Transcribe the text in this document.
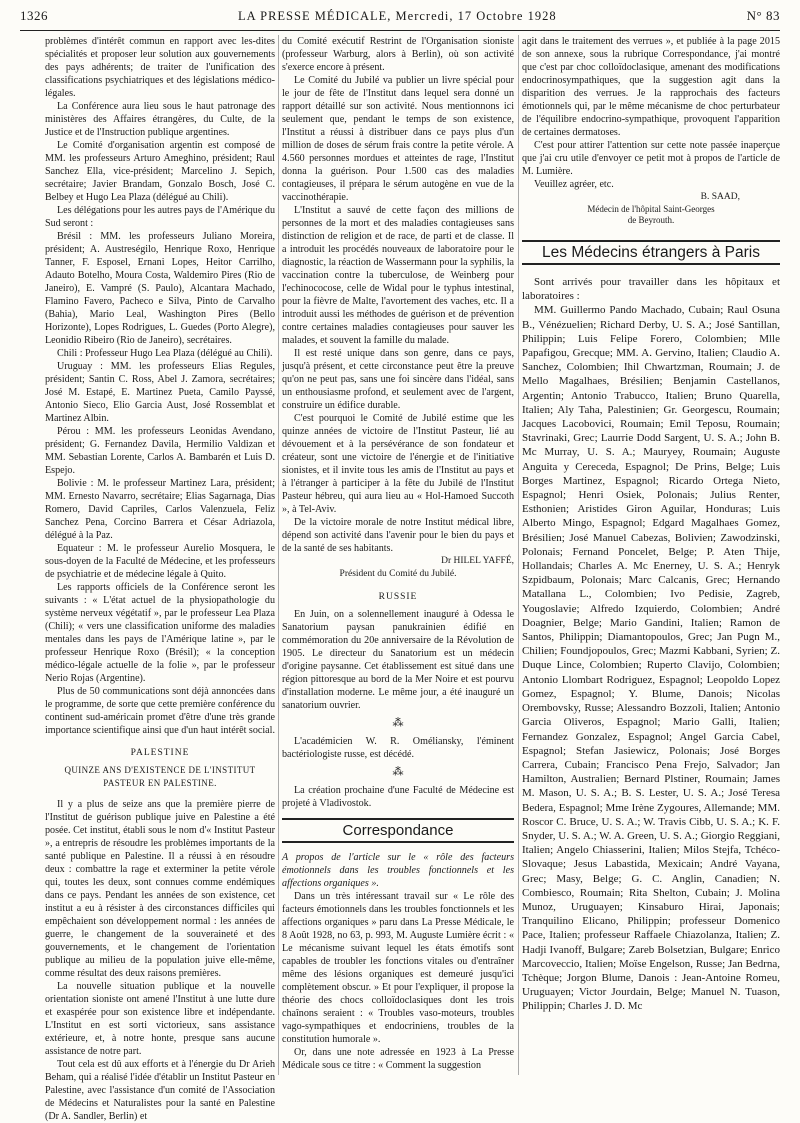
1326	LA PRESSE MÉDICALE, Mercredi, 17 Octobre 1928	N° 83

problèmes d'intérêt commun en rapport avec les-dites spécialités et proposer leur solution aux gouvernements des pays adhérents; de traiter de l'unification des classifications psychiatriques et des législations médico-légales.

La Conférence aura lieu sous le haut patronage des ministères des Affaires étrangères, du Culte, de la Justice et de l'Instruction publique argentines.

Le Comité d'organisation argentin est composé de MM. les professeurs Arturo Ameghino, président; Raul Sanchez Ella, vice-président; Marcelino J. Sepich, secrétaire; Javier Brandam, Gonzalo Bosch, José C. Belbey et Hugo Lea Plaza (délégué au Chili).

Les délégations pour les autres pays de l'Amérique du Sud seront :

Brésil : MM. les professeurs Juliano Moreira, président; A. Austreségilo, Henrique Roxo, Henrique Tanner, F. Esposel, Ernani Lopes, Heitor Carrilho, Adauto Botelho, Moura Costa, Waldemiro Pires (Rio de Janeiro), E. Vampré (S. Paulo), Alcantara Machado, Flamino Favero, Pacheco e Silva, Pinto de Carvalho (Bahia), Mario Leal, Washington Pires (Bello Horizonte), Lopes Rodrigues, L. Guedes (Porto Alegre), Leonidio Ribeiro (Rio de Janeiro), secrétaires.

Chili : Professeur Hugo Lea Plaza (délégué au Chili).

Uruguay : MM. les professeurs Elias Regules, président; Santin C. Ross, Abel J. Zamora, secrétaires; José M. Estapé, E. Martinez Pueta, Camilo Payssé, Antonio Sieco, Elio Garcia Aust, José Rossemblat et Martinez Albin.

Pérou : MM. les professeurs Leonidas Avendano, président; G. Fernandez Davila, Hermilio Valdizan et MM. Sebastian Lorente, Carlos A. Bambarén et Luis D. Espejo.

Bolivie : M. le professeur Martinez Lara, président; MM. Ernesto Navarro, secrétaire; Elias Sagarnaga, Dias Romero, David Capriles, Carlos Valenzuela, Feliz Sanchez Pena, Corcino Barrera et César Adriazola, délégué à la Paz.

Equateur : M. le professeur Aurelio Mosquera, le sous-doyen de la Faculté de Médecine, et les professeurs de psychiatrie et de médecine légale à Quito.

Les rapports officiels de la Conférence seront les suivants : « L'état actuel de la physiopathologie du système nerveux végétatif », par le professeur Lea Plaza (Chili); « vers une classification uniforme des maladies mentales dans les pays de l'Amérique latine », par le professeur Henrique Roxo (Brésil); « la conception médico-légale actuelle de la folie », par le professeur Nerio Rojas (Argentine).

Plus de 50 communications sont déjà annoncées dans le programme, de sorte que cette première conférence du continent sud-américain promet d'être d'une très grande importance scientifique ainsi que d'un haut intérêt social.

PALESTINE
QUINZE ANS D'EXISTENCE DE L'INSTITUT PASTEUR EN PALESTINE.

Il y a plus de seize ans que la première pierre de l'Institut de guérison publique juive en Palestine a été posée. Cet institut, établi sous le nom d'« Institut Pasteur », a entrepris de résoudre les problèmes importants de la santé publique en Palestine. Il a réussi à en résoudre deux : combattre la rage et exterminer la petite vérole qui, toutes les deux, sont connues comme endémiques dans ce pays. Pendant les années de son existence, cet institut a eu à résister à des circonstances difficiles qui empêchaient son développement normal : les années de guerre, le changement de la souveraineté et des gouvernements, et le changement de l'orientation publique au milieu de la population juive elle-même, comme résultat des deux raisons premières.

La nouvelle situation publique et la nouvelle orientation sioniste ont amené l'Institut à une lutte dure et exaspérée pour son existence libre et indépendante. L'Institut en est sorti victorieux, sans assistance extérieure, et, à notre honte, presque sans aucune assistance de notre part.

Tout cela est dû aux efforts et à l'énergie du Dr Arieh Beham, qui a réalisé l'idée d'établir un Institut Pasteur en Palestine, avec l'assistance d'un comité de l'Association de Médecins et Naturalistes pour la santé en Palestine (Dr A. Sandler, Berlin) et

du Comité exécutif Restrint de l'Organisation sioniste (professeur Warburg, alors à Berlin), où son activité s'exerce encore à présent.

Le Comité du Jubilé va publier un livre spécial pour le jour de fête de l'Institut dans lequel sera donné un rapport détaillé sur son activité. Nous mentionnons ici seulement que, pendant le temps de son existence, l'Institut a réussi à distribuer dans ce pays plus d'un million de doses de sérum frais contre la petite vérole. A 4.560 personnes mordues et atteintes de rage, l'Institut donna la guérison. Pour 1.500 cas des maladies contagieuses, il prépara le sérum autogène en vue de la vaccinothérapie.

L'Institut a sauvé de cette façon des millions de personnes de la mort et des maladies contagieuses sans distinction de religion et de race, de parti et de classe. Il a introduit les procédés nouveaux de laboratoire pour le diagnostic, la réaction de Wassermann pour la syphilis, la vaccination contre la tuberculose, de Weinberg pour l'echinococose, celle de Widal pour le typhus intestinal, pour la fièvre de Malte, l'avortement des vaches, etc. Il a introduit aussi les méthodes de guérison et de prévention contre certaines maladies contagieuses pour sauver les malades, et souvent la famille du malade.

Il est resté unique dans son genre, dans ce pays, jusqu'à présent, et cette circonstance peut être la preuve qu'on ne peut pas, sans une foi sincère dans l'idéal, sans un enthousiasme profond, et seulement avec de l'argent, construire un édifice durable.

C'est pourquoi le Comité de Jubilé estime que les quinze années de victoire de l'Institut Pasteur, lié au dévouement et à la persévérance de son fondateur et créateur, sont une victoire de l'énergie et de l'initiative sionistes, et il invite tous les amis de l'Institut au pays et à l'étranger à participer à la fête du Jubilé de l'Institut Pasteur hébreu, qui aura lieu au « Hol-Hamoed Succoth », à Tel-Aviv.

De la victoire morale de notre Institut médical libre, dépend son activité dans l'avenir pour le bien du pays et de la santé de ses habitants.

Dr HILEL YAFFÉ,
Président du Comité du Jubilé.
RUSSIE

En Juin, on a solennellement inauguré à Odessa le Sanatorium paysan panukrainien édifié en commémoration du 20e anniversaire de la Révolution de 1905. Le directeur du Sanatorium est un médecin d'origine paysanne. Cet établissement est situé dans une région pittoresque au bord de la Mer Noire et est pourvu d'installation moderne. Le même jour, a été inauguré un sanatorium ouvrier.

⁂

L'académicien W. R. Oméliansky, l'éminent bactériologiste russe, est décédé.

⁂

La création prochaine d'une Faculté de Médecine est projeté à Vladivostok.

Correspondance

A propos de l'article sur le « rôle des facteurs émotionnels dans les troubles fonctionnels et les affections organiques ».

Dans un très intéressant travail sur « Le rôle des facteurs émotionnels dans les troubles fonctionnels et les affections organiques » paru dans La Presse Médicale, le 8 Août 1928, no 63, p. 993, M. Auguste Lumière écrit : « Le mécanisme suivant lequel les états émotifs sont capables de troubler les fonctions vitales ou d'entraîner même des lésions organiques est demeuré jusqu'ici complètement obscur. » Et pour l'expliquer, il propose la théorie des chocs colloïdoclasiques dont les trois chaînons seraient : « Troubles vaso-moteurs, troubles vago-sympathiques et endocriniens, troubles de la constitution humorale ».

Or, dans une note adressée en 1923 à La Presse Médicale sous ce titre : « Comment la suggestion

agit dans le traitement des verrues », et publiée à la page 2015 de son annexe, sous la rubrique Correspondance, j'ai montré que c'est par choc colloïdoclasique, amenant des modifications endocrinosympathiques, que la suggestion agit dans la disparition des verrues. Je la rapprochais des facteurs émotionnels qui, par le même mécanisme de choc perturbateur de l'équilibre endocrino-sympathique, provoquent l'apparition de certaines dermatoses.

C'est pour attirer l'attention sur cette note passée inaperçue que j'ai cru utile d'envoyer ce petit mot à propos de l'article de M. Lumière.

Veuillez agréer, etc.

B. SAAD,
Médecin de l'hôpital Saint-Georges
de Beyrouth.
Les Médecins étrangers à Paris

Sont arrivés pour travailler dans les hôpitaux et laboratoires :

MM. Guillermo Pando Machado, Cubain; Raul Osuna B., Vénézuelien; Richard Derby, U. S. A.; José Santillan, Philippin; Luis Felipe Forero, Colombien; Mlle Papafigou, Grecque; MM. A. Gervino, Italien; Claudio A. Sanchez, Colombien; Ihil Chwartzman, Roumain; J. de Mello Magalhaes, Brésilien; Benjamin Castellanos, Argentin; Antonio Trabucco, Italien; Bruno Quarella, Italien; Aly Taha, Palestinien; Gr. Georgescu, Roumain; Jacques Lacobovici, Roumain; Emil Teposu, Roumain; Stavrinaki, Grec; Laurrie Dodd Sargent, U. S. A.; John B. Mc Murray, U. S. A.; Mauryey, Roumain; Auguste Anguita y Cereceda, Espagnol; De Prins, Belge; Luis Borges Martinez, Espagnol; Ricardo Ortega Nieto, Espagnol; Henri Osiek, Polonais; Julius Renter, Esthonien; Aristides Giron Aguilar, Honduras; Luis Alberto Mingo, Espagnol; Edgard Magalhaes Gomez, Brésilien; José Manuel Cabezas, Bolivien; Zawodzinski, Polonais; Fernand Poncelet, Belge; P. Aten Thije, Hollandais; Charles A. Mc Enerney, U. S. A.; Henryk Szpidbaum, Polonais; Marc Calcanis, Grec; Hernando Matallana L., Colombien; Ivo Pedisie, Zagreb, Yougoslavie; Alfredo Izquierdo, Colombien; André Doagnier, Belge; Mario Gandini, Italien; Ramon de Santos, Philippin; Diamantopoulos, Grec; Jan Pugn M., Chilien; Foundjopoulos, Grec; Mazmi Kabbani, Syrien; Z. Duque Lince, Colombien; Ruperto Clavijo, Colombien; Antonio Llombart Rodriguez, Espagnol; Leopoldo Lopez Gomez, Espagnol; Y. Blume, Danois; Nicolas Orembovsky, Russe; Alessandro Bozzoli, Italien; Antonio Garcia Oliveros, Espagnol; Mario Galli, Italien; Fernandez Gonzalez, Espagnol; Angel Garcia Cabel, Espagnol; Stefan Jasiewicz, Polonais; José Borges Carrera, Cubain; Francisco Pena Frejo, Salvador; Jan Hamilton, Australien; Bernard Plstiner, Roumain; James M. Mason, U. S. A.; B. S. Lester, U. S. A.; José Teresa Bedera, Espagnol; Mme Irène Zygoures, Allemande; MM. Roscor C. Bruce, U. S. A.; W. Travis Cibb, U. S. A.; K. F. Snyder, U. S. A.; W. A. Green, U. S. A.; Giorgio Reggiani, Italien; Angelo Chiasserini, Italien; Milos Stejfa, Tchéco-Slovaque; Jesus Labastida, Mexicain; André Vayana, Grec; Masy, Belge; G. C. Anglin, Canadien; N. Combiesco, Roumain; Rita Shelton, Cubain; J. Molina Munoz, Uruguayen; Kinsaburo Hirai, Japonais; Tranquilino Elicano, Philippin; professeur Domenico Pace, Italien; professeur Raffaele Chiazolanza, Italien; Z. Hadji Ivanoff, Bulgare; Zareb Bolsetzian, Bulgare; Enrico Marcoveccio, Italien; Moïse Engelson, Russe; Jan Bedrna, Tchèque; Jorgon Blume, Danois : Jean-Antoine Romeu, Uruguayen; Victor Jourdain, Belge; Manuel N. Tuason, Philippin; Charles J. D. Mc
